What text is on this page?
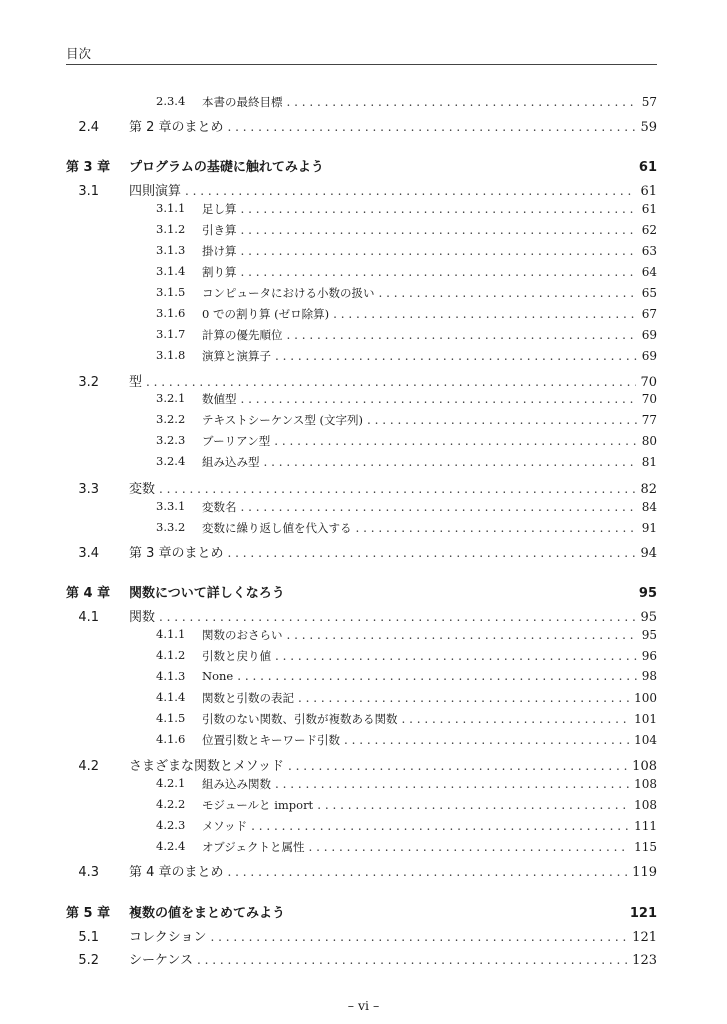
目次
2.3.4 本書の最終目標 . . .	57
2.4 第 2 章のまとめ . . .	59
第 3 章 プログラムの基礎に触れてみよう	61
3.1 四則演算 . . .	61
3.1.1 足し算 . . .	61
3.1.2 引き算 . . .	62
3.1.3 掛け算 . . .	63
3.1.4 割り算 . . .	64
3.1.5 コンピュータにおける小数の扱い . . .	65
3.1.6 0 での割り算 (ゼロ除算) . . .	67
3.1.7 計算の優先順位 . . .	69
3.1.8 演算と演算子 . . .	69
3.2 型 . . .	70
3.2.1 数値型 . . .	70
3.2.2 テキストシーケンス型 (文字列) . . .	77
3.2.3 ブーリアン型 . . .	80
3.2.4 組み込み型 . . .	81
3.3 変数 . . .	82
3.3.1 変数名 . . .	84
3.3.2 変数に繰り返し値を代入する . . .	91
3.4 第 3 章のまとめ . . .	94
第 4 章 関数について詳しくなろう	95
4.1 関数 . . .	95
4.1.1 関数のおさらい . . .	95
4.1.2 引数と戻り値 . . .	96
4.1.3 None . . .	98
4.1.4 関数と引数の表記 . . .	100
4.1.5 引数のない関数、引数が複数ある関数 . . .	101
4.1.6 位置引数とキーワード引数 . . .	104
4.2 さまざまな関数とメソッド . . .	108
4.2.1 組み込み関数 . . .	108
4.2.2 モジュールと import . . .	108
4.2.3 メソッド . . .	111
4.2.4 オブジェクトと属性 . . .	115
4.3 第 4 章のまとめ . . .	119
第 5 章 複数の値をまとめてみよう	121
5.1 コレクション . . .	121
5.2 シーケンス . . .	123
– vi –
